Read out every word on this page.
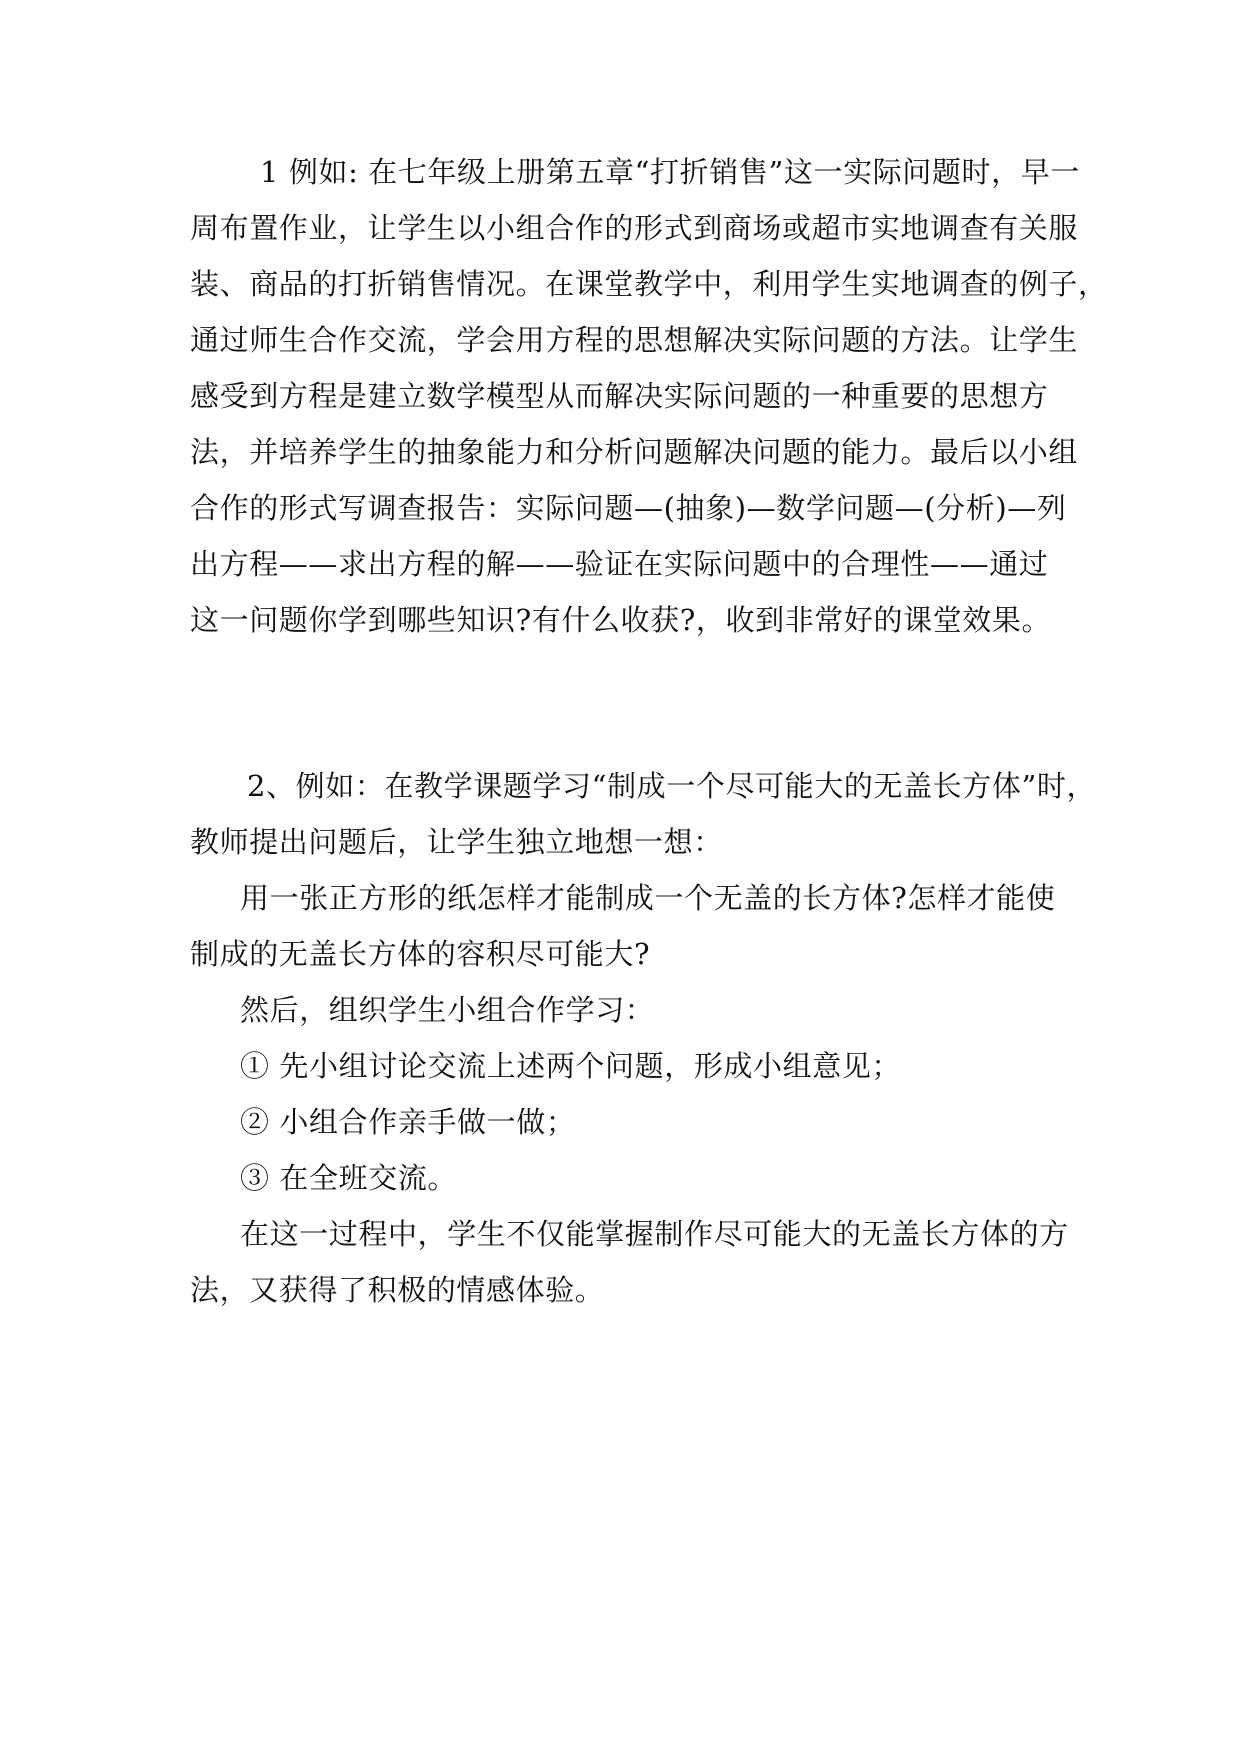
1 例如: 在七年级上册第五章“打折销售”这一实际问题时，早一
周布置作业，让学生以小组合作的形式到商场或超市实地调查有关服
装、商品的打折销售情况。在课堂教学中，利用学生实地调查的例子，
通过师生合作交流，学会用方程的思想解决实际问题的方法。让学生
感受到方程是建立数学模型从而解决实际问题的一种重要的思想方
法，并培养学生的抽象能力和分析问题解决问题的能力。最后以小组
合作的形式写调查报告：实际问题—(抽象)—数学问题—(分析)—列
出方程——求出方程的解——验证在实际问题中的合理性——通过
这一问题你学到哪些知识?有什么收获?，收到非常好的课堂效果。
2、例如：在教学课题学习“制成一个尽可能大的无盖长方体”时，
教师提出问题后，让学生独立地想一想：
用一张正方形的纸怎样才能制成一个无盖的长方体?怎样才能使
制成的无盖长方体的容积尽可能大?
然后，组织学生小组合作学习：
① 先小组讨论交流上述两个问题，形成小组意见；
② 小组合作亲手做一做；
③ 在全班交流。
在这一过程中，学生不仅能掌握制作尽可能大的无盖长方体的方
法，又获得了积极的情感体验。
